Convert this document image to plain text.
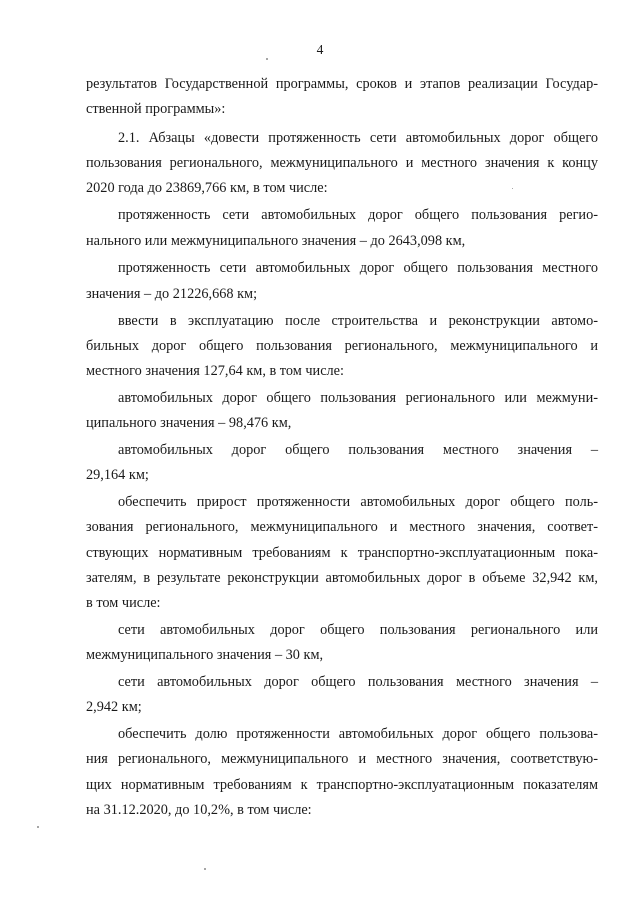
4
результатов Государственной программы, сроков и этапов реализации Государ-
ственной программы»:
2.1. Абзацы «довести протяженность сети автомобильных дорог общего
пользования регионального, межмуниципального и местного значения к концу
2020 года до 23869,766 км, в том числе:
протяженность сети автомобильных дорог общего пользования регио-
нального или межмуниципального значения – до 2643,098 км,
протяженность сети автомобильных дорог общего пользования местного
значения – до 21226,668 км;
ввести в эксплуатацию после строительства и реконструкции автомо-
бильных дорог общего пользования регионального, межмуниципального и
местного значения 127,64 км, в том числе:
автомобильных дорог общего пользования регионального или межмуни-
ципального значения – 98,476 км,
автомобильных дорог общего пользования местного значения –
29,164 км;
обеспечить прирост протяженности автомобильных дорог общего поль-
зования регионального, межмуниципального и местного значения, соответ-
ствующих нормативным требованиям к транспортно-эксплуатационным пока-
зателям, в результате реконструкции автомобильных дорог в объеме 32,942 км,
в том числе:
сети автомобильных дорог общего пользования регионального или
межмуниципального значения – 30 км,
сети автомобильных дорог общего пользования местного значения –
2,942 км;
обеспечить долю протяженности автомобильных дорог общего пользова-
ния регионального, межмуниципального и местного значения, соответствую-
щих нормативным требованиям к транспортно-эксплуатационным показателям
на 31.12.2020, до 10,2%, в том числе:
